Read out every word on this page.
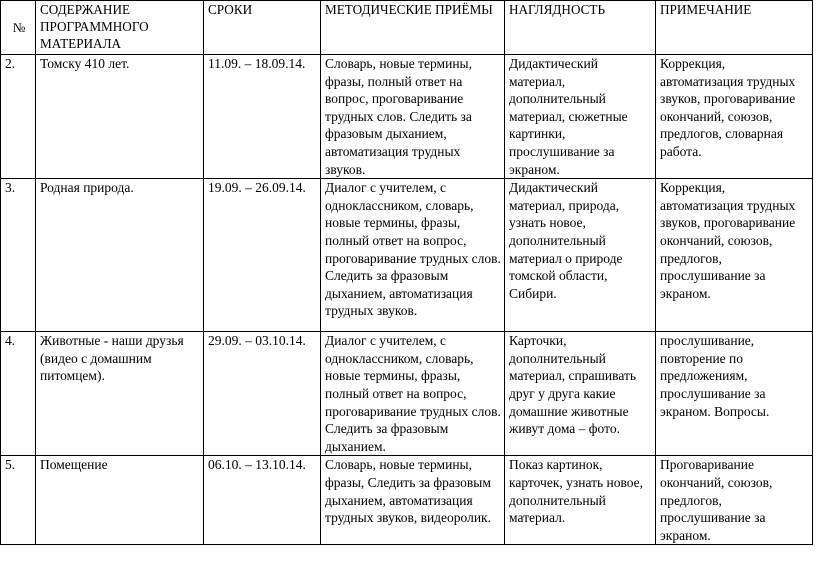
№	СОДЕРЖАНИЕ ПРОГРАММНОГО МАТЕРИАЛА	СРОКИ	МЕТОДИЧЕСКИЕ ПРИЁМЫ	НАГЛЯДНОСТЬ	ПРИМЕЧАНИЕ
2.	Томску 410 лет.	11.09. – 18.09.14.	Словарь, новые термины, фразы, полный ответ на вопрос, проговаривание трудных слов. Следить за фразовым дыханием, автоматизация трудных звуков.	Дидактический материал, дополнительный материал, сюжетные картинки, прослушивание за экраном.	Коррекция, автоматизация трудных звуков, проговаривание окончаний, союзов, предлогов, словарная работа.
3.	Родная природа.	19.09. – 26.09.14.	Диалог с учителем, с одноклассником, словарь, новые термины, фразы, полный ответ на вопрос, проговаривание трудных слов. Следить за фразовым дыханием, автоматизация трудных звуков.	Дидактический материал, природа, узнать новое, дополнительный материал о природе томской области, Сибири.	Коррекция, автоматизация трудных звуков, проговаривание окончаний, союзов, предлогов, прослушивание за экраном.
4.	Животные - наши друзья (видео с домашним питомцем).	29.09. – 03.10.14.	Диалог с учителем, с одноклассником, словарь, новые термины, фразы, полный ответ на вопрос, проговаривание трудных слов. Следить за фразовым дыханием.	Карточки, дополнительный материал, спрашивать друг у друга какие домашние животные живут дома – фото.	прослушивание, повторение по предложениям, прослушивание за экраном. Вопросы.
5.	Помещение	06.10. – 13.10.14.	Словарь, новые термины, фразы, Следить за фразовым дыханием, автоматизация трудных звуков, видеоролик.	Показ картинок, карточек, узнать новое, дополнительный материал.	Проговаривание окончаний, союзов, предлогов, прослушивание за экраном.
